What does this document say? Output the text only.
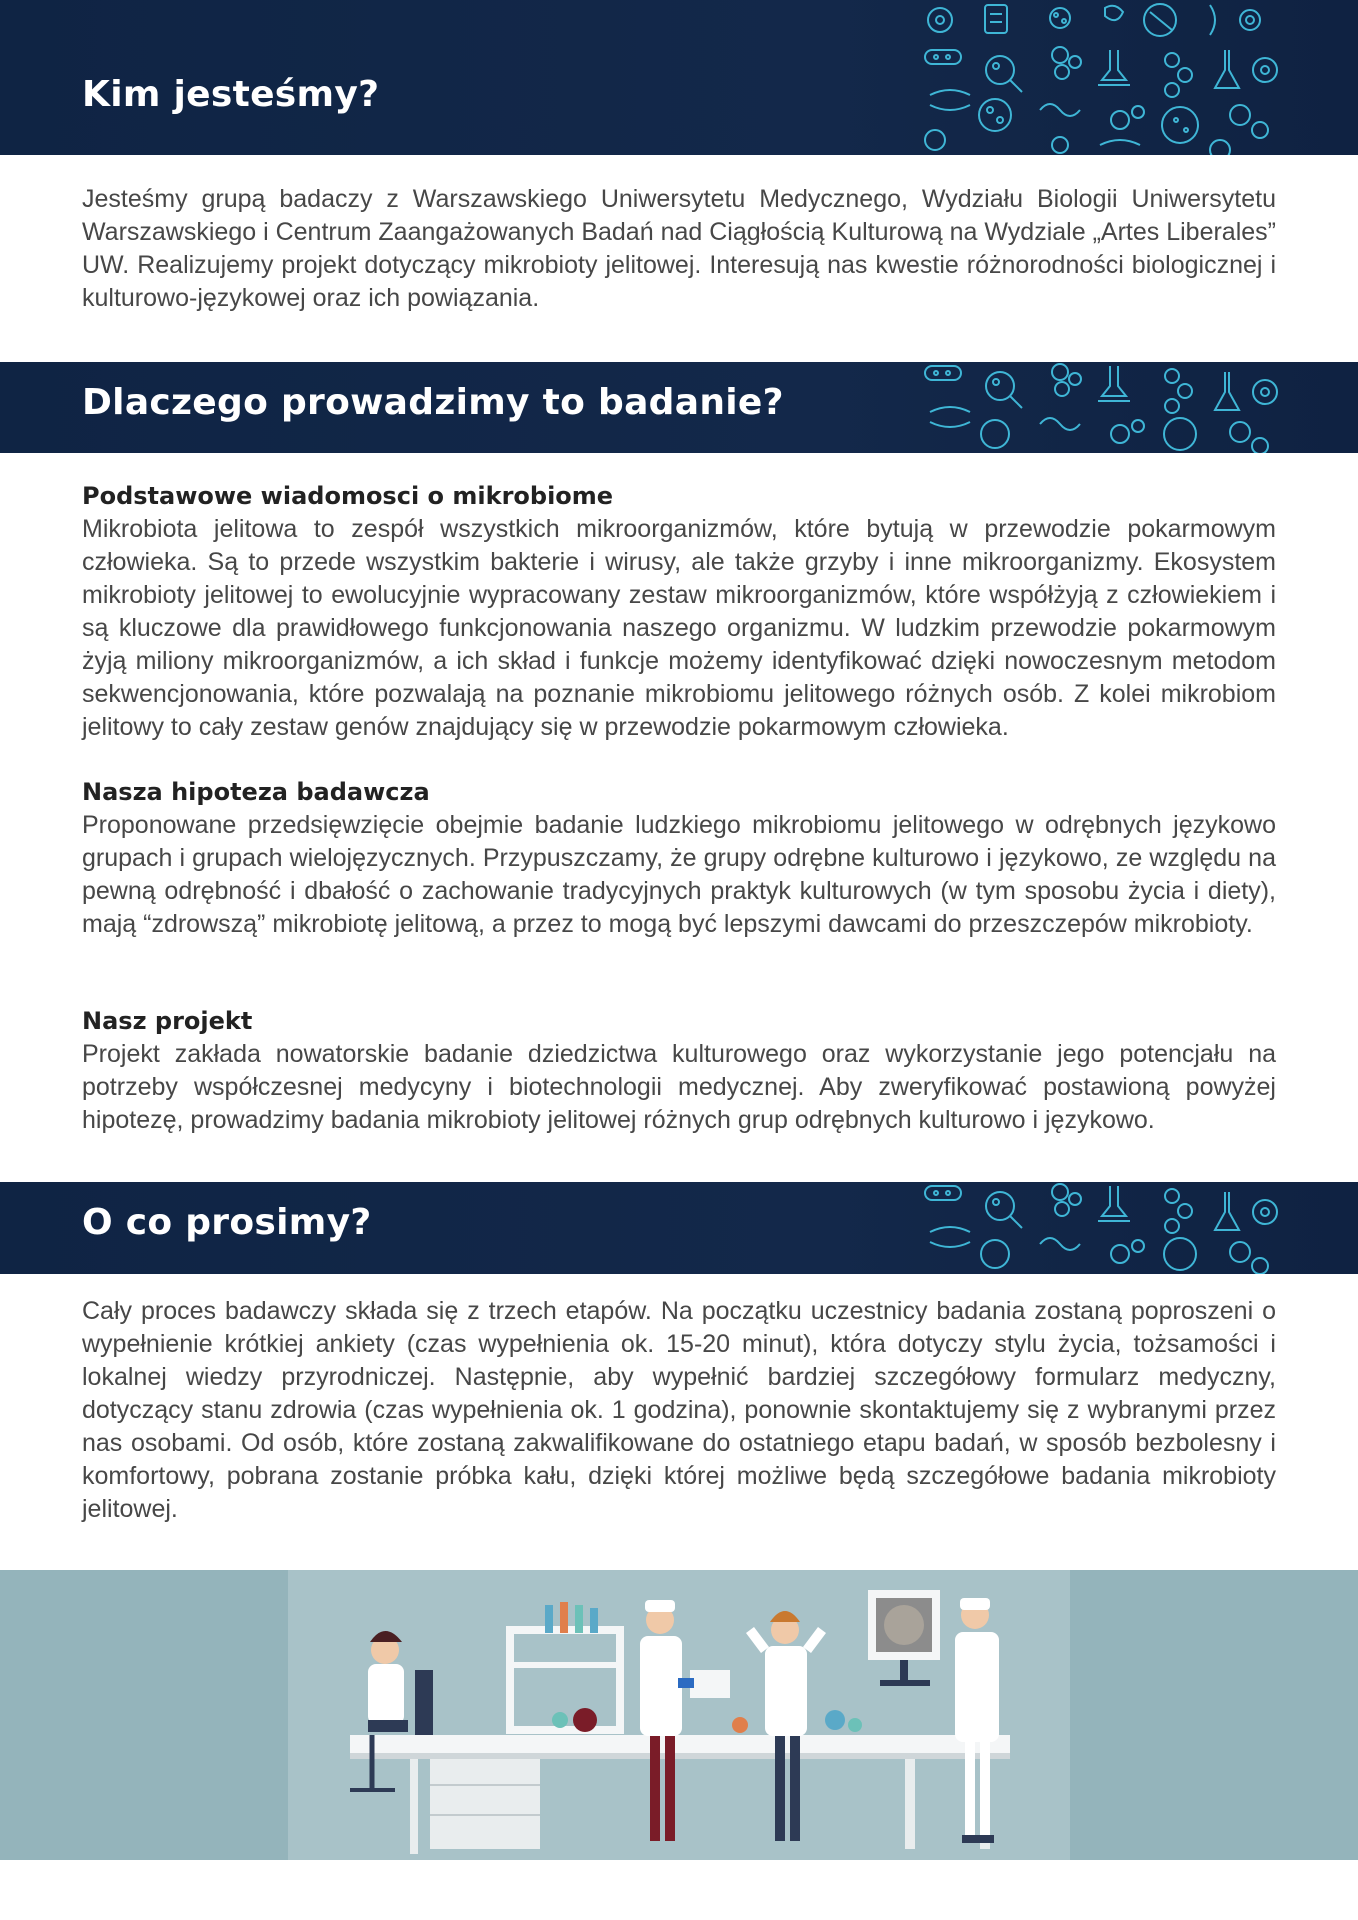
Kim jesteśmy?

Jesteśmy grupą badaczy z Warszawskiego Uniwersytetu Medycznego, Wydziału Biologii Uniwersytetu Warszawskiego i Centrum Zaangażowanych Badań nad Ciągłością Kulturową na Wydziale „Artes Liberales” UW. Realizujemy projekt dotyczący mikrobioty jelitowej. Interesują nas kwestie różnorodności biologicznej i kulturowo-językowej oraz ich powiązania.

Dlaczego prowadzimy to badanie?
Podstawowe wiadomosci o mikrobiome

Mikrobiota jelitowa to zespół wszystkich mikroorganizmów, które bytują w przewodzie pokarmowym człowieka. Są to przede wszystkim bakterie i wirusy, ale także grzyby i inne mikroorganizmy. Ekosystem mikrobioty jelitowej to ewolucyjnie wypracowany zestaw mikroorganizmów, które współżyją z człowiekiem i są kluczowe dla prawidłowego funkcjonowania naszego organizmu. W ludzkim przewodzie pokarmowym żyją miliony mikroorganizmów, a ich skład i funkcje możemy identyfikować dzięki nowoczesnym metodom sekwencjonowania, które pozwalają na poznanie mikrobiomu jelitowego różnych osób. Z kolei mikrobiom jelitowy to cały zestaw genów znajdujący się w przewodzie pokarmowym człowieka.

Nasza hipoteza badawcza

Proponowane przedsięwzięcie obejmie badanie ludzkiego mikrobiomu jelitowego w odrębnych językowo grupach i grupach wielojęzycznych. Przypuszczamy, że grupy odrębne kulturowo i językowo, ze względu na pewną odrębność i dbałość o zachowanie tradycyjnych praktyk kulturowych (w tym sposobu życia i diety), mają “zdrowszą” mikrobiotę jelitową, a przez to mogą być lepszymi dawcami do przeszczepów mikrobioty.

Nasz projekt

Projekt zakłada nowatorskie badanie dziedzictwa kulturowego oraz wykorzystanie jego potencjału na potrzeby współczesnej medycyny i biotechnologii medycznej. Aby zweryfikować postawioną powyżej hipotezę, prowadzimy badania mikrobioty jelitowej różnych grup odrębnych kulturowo i językowo.

O co prosimy?

Cały proces badawczy składa się z trzech etapów. Na początku uczestnicy badania zostaną poproszeni o wypełnienie krótkiej ankiety (czas wypełnienia ok. 15-20 minut), która dotyczy stylu życia, tożsamości i lokalnej wiedzy przyrodniczej. Następnie, aby wypełnić bardziej szczegółowy formularz medyczny, dotyczący stanu zdrowia (czas wypełnienia ok. 1 godzina), ponownie skontaktujemy się z wybranymi przez nas osobami. Od osób, które zostaną zakwalifikowane do ostatniego etapu badań, w sposób bezbolesny i komfortowy, pobrana zostanie próbka kału, dzięki której możliwe będą szczegółowe badania mikrobioty jelitowej.
